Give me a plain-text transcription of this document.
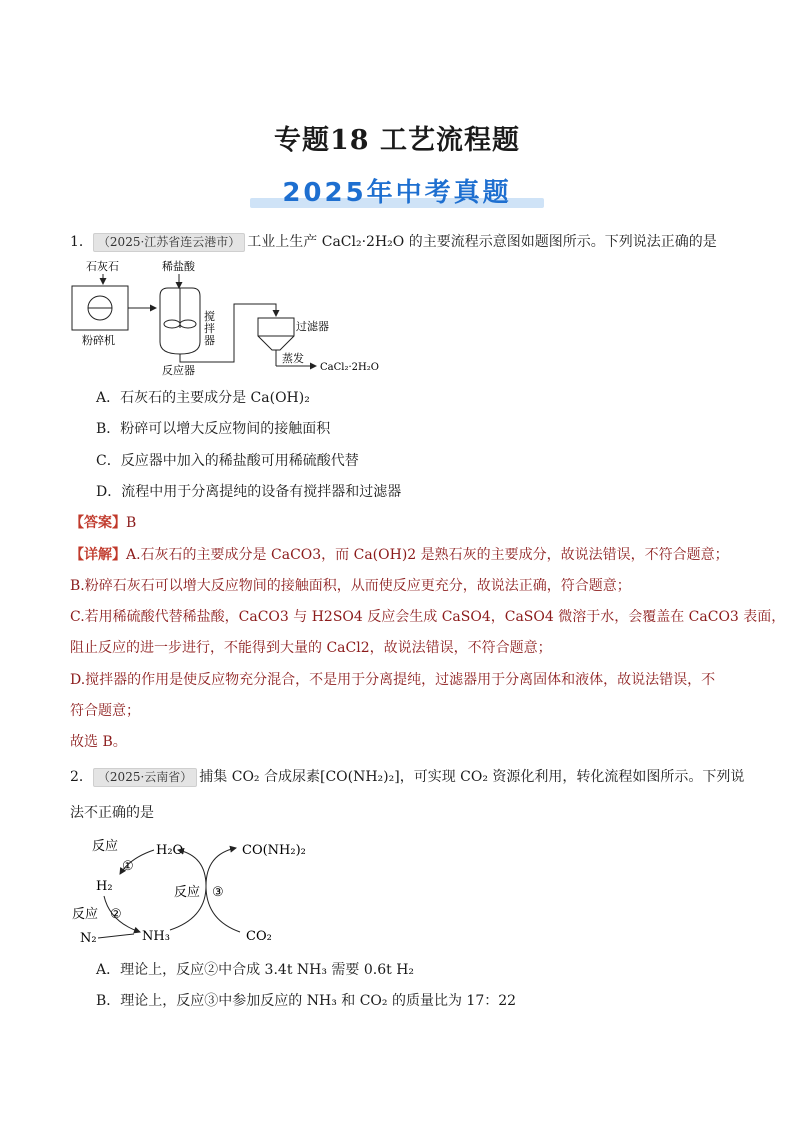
专题18 工艺流程题
2025年中考真题
1． （2025·江苏省连云港市） 工业上生产 CaCl₂·2H₂O 的主要流程示意图如题图所示。下列说法正确的是
石灰石
粉碎机
稀盐酸
搅
拌
器
反应器
过滤器
蒸发
CaCl₂·2H₂O
A．石灰石的主要成分是 Ca(OH)₂
B．粉碎可以增大反应物间的接触面积
C．反应器中加入的稀盐酸可用稀硫酸代替
D．流程中用于分离提纯的设备有搅拌器和过滤器
【答案】B
【详解】A.石灰石的主要成分是 CaCO3，而 Ca(OH)2 是熟石灰的主要成分，故说法错误，不符合题意；
B.粉碎石灰石可以增大反应物间的接触面积，从而使反应更充分，故说法正确，符合题意；
C.若用稀硫酸代替稀盐酸，CaCO3 与 H2SO4 反应会生成 CaSO4，CaSO4 微溶于水，会覆盖在 CaCO3 表面，
阻止反应的进一步进行，不能得到大量的 CaCl2，故说法错误，不符合题意；
D.搅拌器的作用是使反应物充分混合，不是用于分离提纯，过滤器用于分离固体和液体，故说法错误，不
符合题意；
故选 B。
2． （2025·云南省） 捕集 CO₂ 合成尿素[CO(NH₂)₂]，可实现 CO₂ 资源化利用，转化流程如图所示。下列说
法不正确的是
反应
①
H₂O
H₂
反应 ②
N₂	NH₃
反应 ③
CO(NH₂)₂
CO₂
A．理论上，反应②中合成 3.4t NH₃ 需要 0.6t H₂
B．理论上，反应③中参加反应的 NH₃ 和 CO₂ 的质量比为 17：22
